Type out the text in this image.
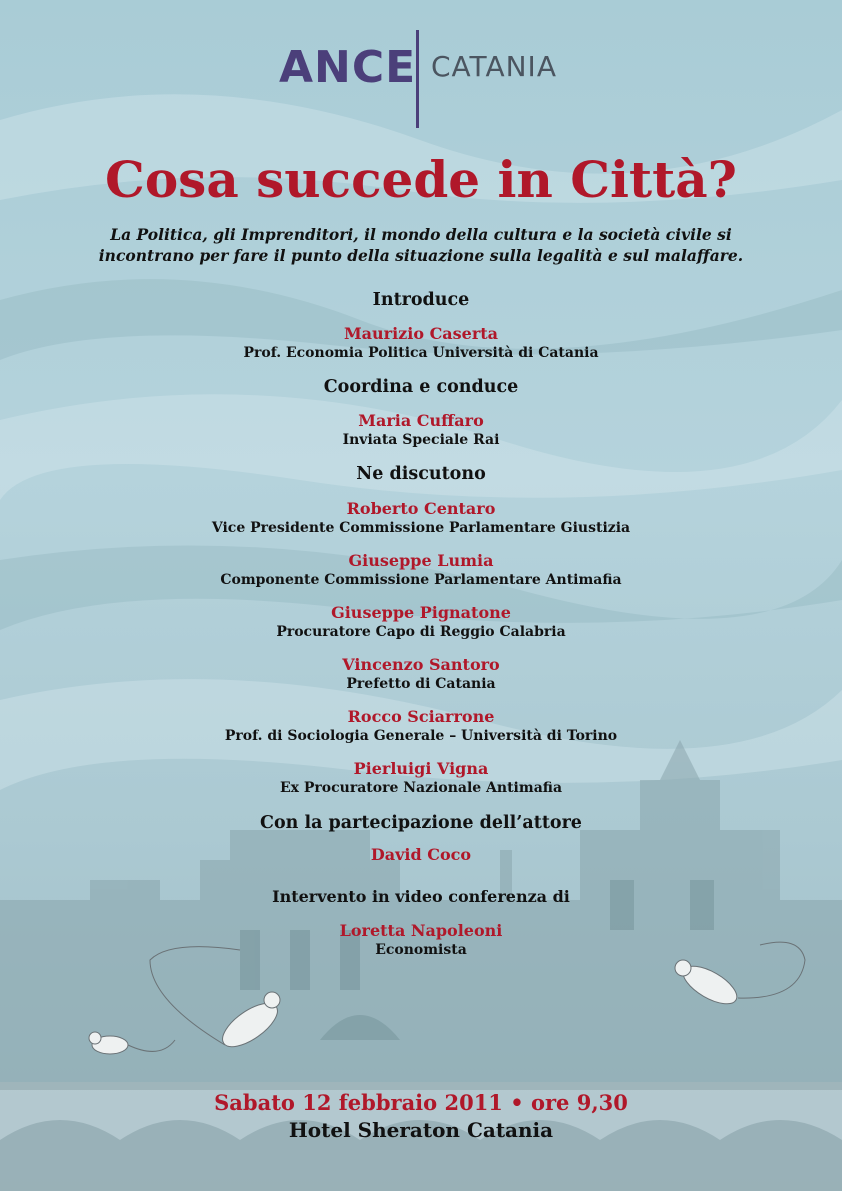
ANCE CATANIA
Cosa succede in Città?
La Politica, gli Imprenditori, il mondo della cultura e la società civile si incontrano per fare il punto della situazione sulla legalità e sul malaffare.
Introduce
Maurizio Caserta
Prof. Economia Politica Università di Catania
Coordina e conduce
Maria Cuffaro
Inviata Speciale Rai
Ne discutono
Roberto Centaro
Vice Presidente Commissione Parlamentare Giustizia
Giuseppe Lumia
Componente Commissione Parlamentare Antimafia
Giuseppe Pignatone
Procuratore Capo di Reggio Calabria
Vincenzo Santoro
Prefetto di Catania
Rocco Sciarrone
Prof. di Sociologia Generale – Università di Torino
Pierluigi Vigna
Ex Procuratore Nazionale Antimafia
Con la partecipazione dell’attore
David Coco
Intervento in video conferenza di
Loretta Napoleoni
Economista
Sabato 12 febbraio 2011 • ore 9,30
Hotel Sheraton Catania
